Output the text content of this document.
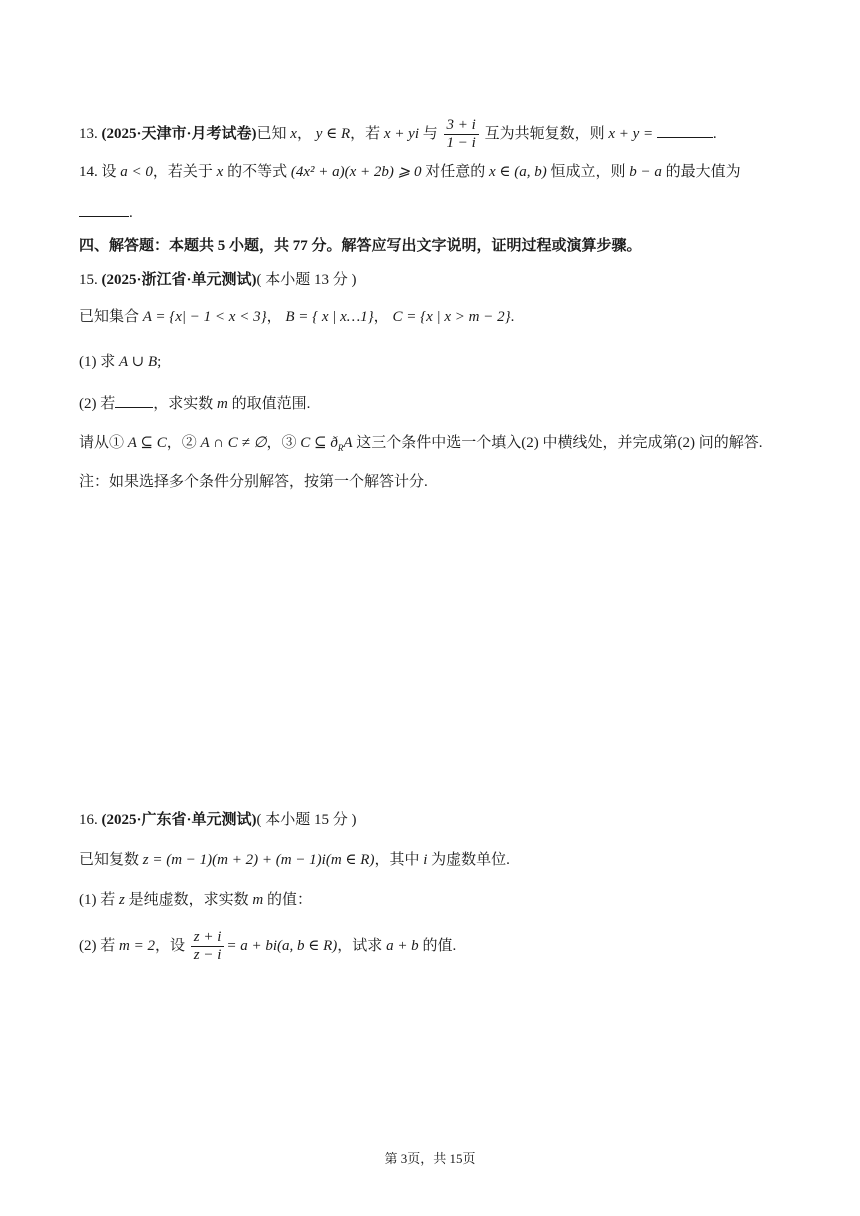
13. (2025·天津市·月考试卷)已知 x， y ∈ R，若 x + yi 与 $\frac{3 + i}{1 - i}$ 互为共轭复数，则 x + y =	.
14. 设 a < 0，若关于 x 的不等式 (4x² + a)(x + 2b) ⩾ 0 对任意的 x ∈ (a, b) 恒成立，则 b − a 的最大值为
.
四、解答题：本题共 5 小题，共 77 分。解答应写出文字说明，证明过程或演算步骤。
15. (2025·浙江省·单元测试)( 本小题 13 分 )
已知集合 A = {x| − 1 < x < 3}， B = { x | x…1}， C = {x | x > m − 2}.
(1) 求 A ∪ B;
(2) 若	，求实数 m 的取值范围.
请从① A ⊆ C，② A ∩ C ≠ ∅，③ C ⊆ $ð_RA$ 这三个条件中选一个填入(2) 中横线处，并完成第(2) 问的解答.
注：如果选择多个条件分别解答，按第一个解答计分.
16. (2025·广东省·单元测试)( 本小题 15 分 )
已知复数 z = (m − 1)(m + 2) + (m − 1)i(m ∈ R)，其中 i 为虚数单位.
(1) 若 z 是纯虚数，求实数 m 的值：
(2) 若 m = 2，设 $\frac{z + i}{z - i} = a + bi(a$, b ∈ R)，试求 a + b 的值.
第 3页，共 15页
